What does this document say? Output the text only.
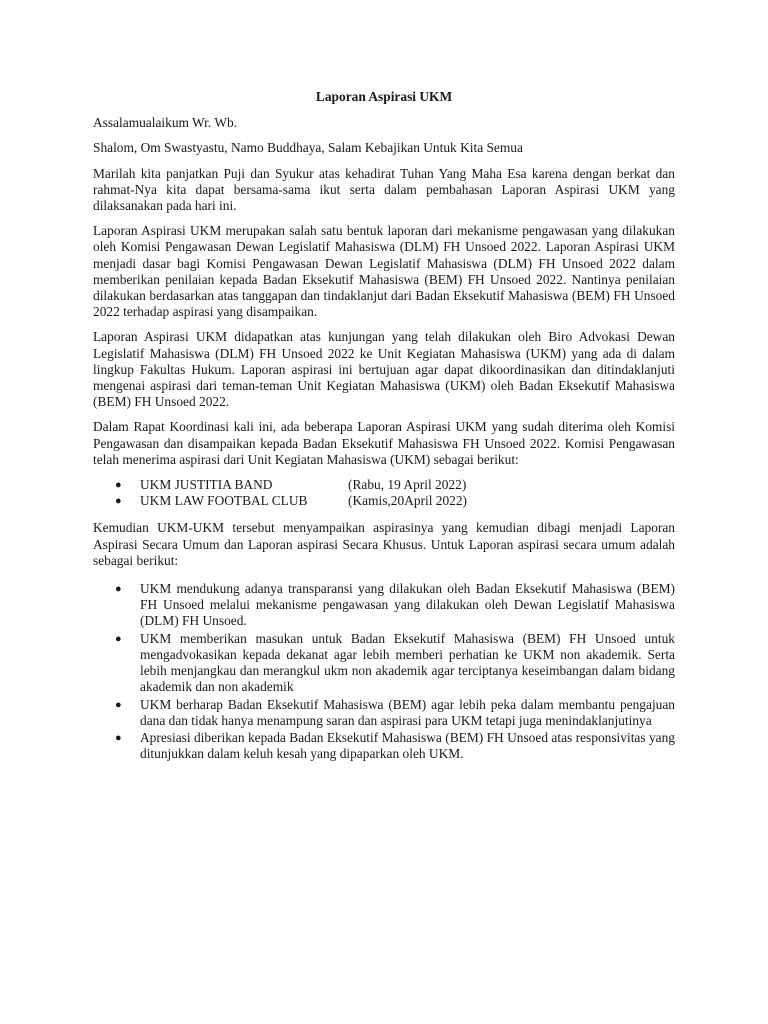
Laporan Aspirasi UKM

Assalamualaikum Wr. Wb.

Shalom, Om Swastyastu, Namo Buddhaya, Salam Kebajikan Untuk Kita Semua

Marilah kita panjatkan Puji dan Syukur atas kehadirat Tuhan Yang Maha Esa karena dengan berkat dan rahmat-Nya kita dapat bersama-sama ikut serta dalam pembahasan Laporan Aspirasi UKM yang dilaksanakan pada hari ini.

Laporan Aspirasi UKM merupakan salah satu bentuk laporan dari mekanisme pengawasan yang dilakukan oleh Komisi Pengawasan Dewan Legislatif Mahasiswa (DLM) FH Unsoed 2022. Laporan Aspirasi UKM menjadi dasar bagi Komisi Pengawasan Dewan Legislatif Mahasiswa (DLM) FH Unsoed 2022 dalam memberikan penilaian kepada Badan Eksekutif Mahasiswa (BEM) FH Unsoed 2022. Nantinya penilaian dilakukan berdasarkan atas tanggapan dan tindaklanjut dari Badan Eksekutif Mahasiswa (BEM) FH Unsoed 2022 terhadap aspirasi yang disampaikan.

Laporan Aspirasi UKM didapatkan atas kunjungan yang telah dilakukan oleh Biro Advokasi Dewan Legislatif Mahasiswa (DLM) FH Unsoed 2022 ke Unit Kegiatan Mahasiswa (UKM) yang ada di dalam lingkup Fakultas Hukum. Laporan aspirasi ini bertujuan agar dapat dikoordinasikan dan ditindaklanjuti mengenai aspirasi dari teman-teman Unit Kegiatan Mahasiswa (UKM) oleh Badan Eksekutif Mahasiswa (BEM) FH Unsoed 2022.

Dalam Rapat Koordinasi kali ini, ada beberapa Laporan Aspirasi UKM yang sudah diterima oleh Komisi Pengawasan dan disampaikan kepada Badan Eksekutif Mahasiswa FH Unsoed 2022. Komisi Pengawasan telah menerima aspirasi dari Unit Kegiatan Mahasiswa (UKM) sebagai berikut:

● UKM JUSTITIA BAND	(Rabu, 19 April 2022)
● UKM LAW FOOTBAL CLUB	(Kamis,20April 2022)

Kemudian UKM-UKM tersebut menyampaikan aspirasinya yang kemudian dibagi menjadi Laporan Aspirasi Secara Umum dan Laporan aspirasi Secara Khusus. Untuk Laporan aspirasi secara umum adalah sebagai berikut:

● UKM mendukung adanya transparansi yang dilakukan oleh Badan Eksekutif Mahasiswa (BEM) FH Unsoed melalui mekanisme pengawasan yang dilakukan oleh Dewan Legislatif Mahasiswa (DLM) FH Unsoed.
● UKM memberikan masukan untuk Badan Eksekutif Mahasiswa (BEM) FH Unsoed untuk mengadvokasikan kepada dekanat agar lebih memberi perhatian ke UKM non akademik. Serta lebih menjangkau dan merangkul ukm non akademik agar terciptanya keseimbangan dalam bidang akademik dan non akademik
● UKM berharap Badan Eksekutif Mahasiswa (BEM) agar lebih peka dalam membantu pengajuan dana dan tidak hanya menampung saran dan aspirasi para UKM tetapi juga menindaklanjutinya
● Apresiasi diberikan kepada Badan Eksekutif Mahasiswa (BEM) FH Unsoed atas responsivitas yang ditunjukkan dalam keluh kesah yang dipaparkan oleh UKM.
